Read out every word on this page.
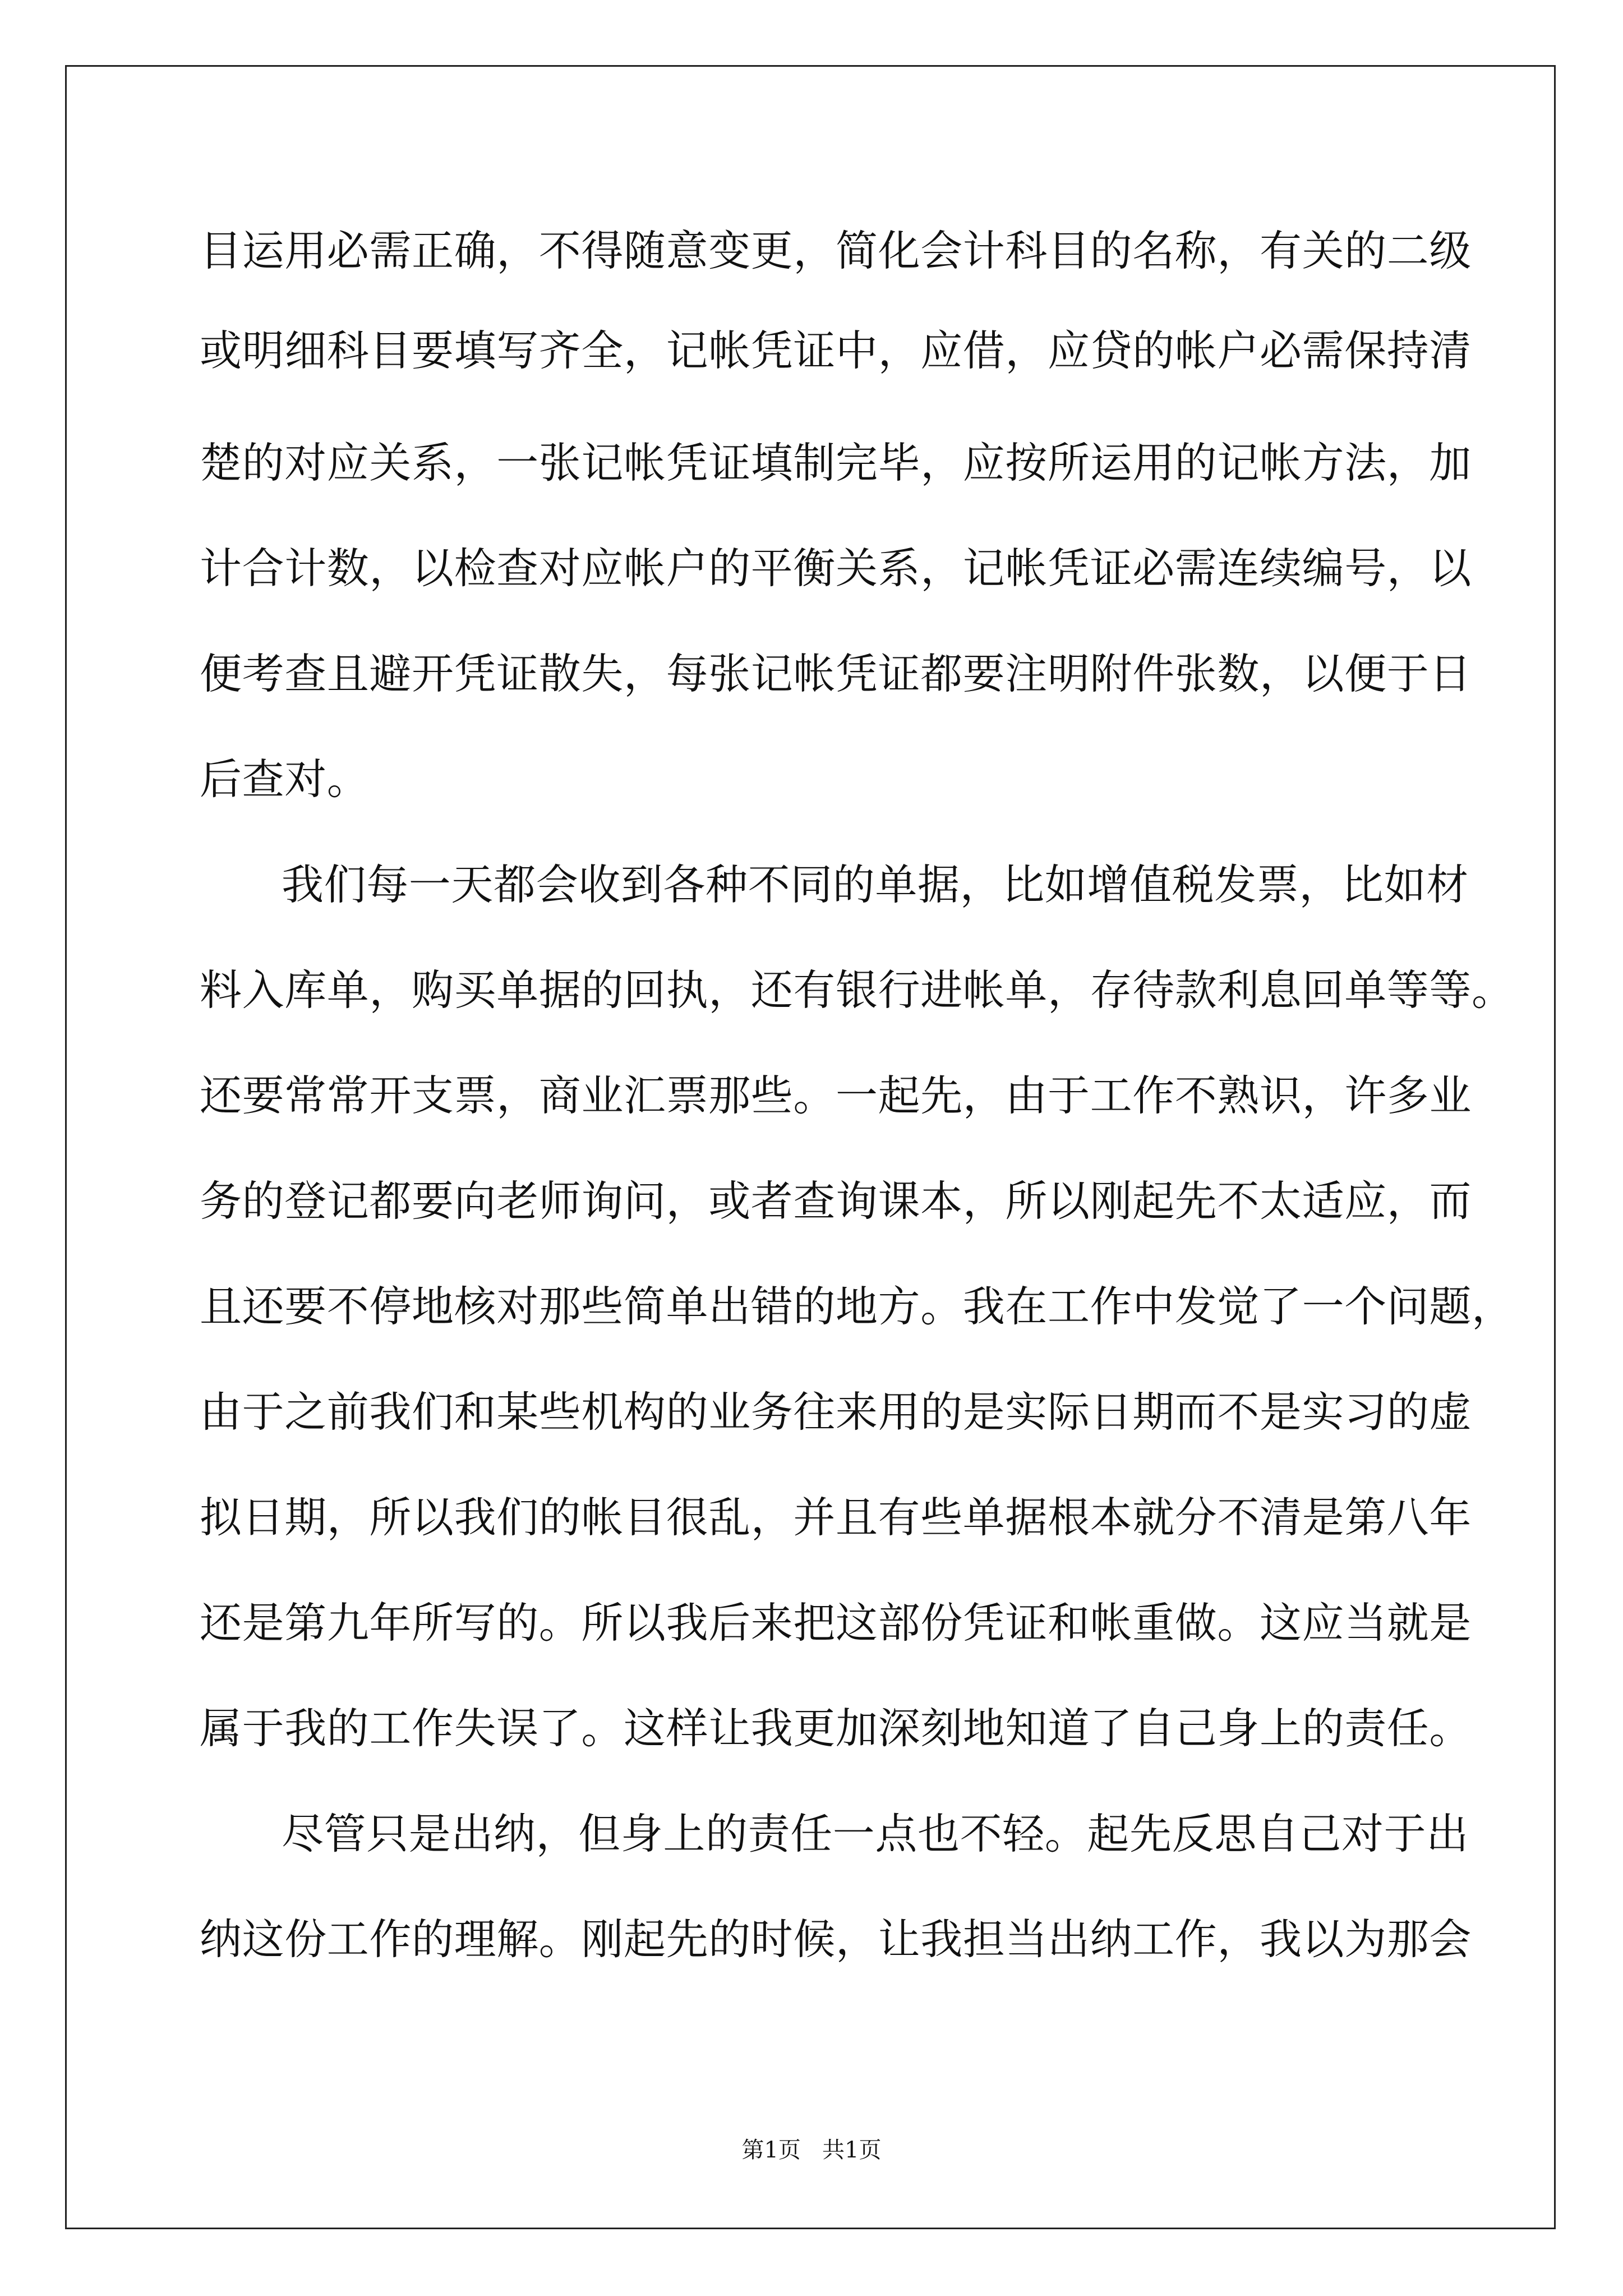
目运用必需正确，不得随意变更，简化会计科目的名称，有关的二级
或明细科目要填写齐全，记帐凭证中，应借，应贷的帐户必需保持清
楚的对应关系，一张记帐凭证填制完毕，应按所运用的记帐方法，加
计合计数，以检查对应帐户的平衡关系，记帐凭证必需连续编号，以
便考查且避开凭证散失，每张记帐凭证都要注明附件张数，以便于日
后查对。
我们每一天都会收到各种不同的单据，比如增值税发票，比如材
料入库单，购买单据的回执，还有银行进帐单，存待款利息回单等等。
还要常常开支票，商业汇票那些。一起先，由于工作不熟识，许多业
务的登记都要向老师询问，或者查询课本，所以刚起先不太适应，而
且还要不停地核对那些简单出错的地方。我在工作中发觉了一个问题，
由于之前我们和某些机构的业务往来用的是实际日期而不是实习的虚
拟日期，所以我们的帐目很乱，并且有些单据根本就分不清是第八年
还是第九年所写的。所以我后来把这部份凭证和帐重做。这应当就是
属于我的工作失误了。这样让我更加深刻地知道了自己身上的责任。
尽管只是出纳，但身上的责任一点也不轻。起先反思自己对于出
纳这份工作的理解。刚起先的时候，让我担当出纳工作，我以为那会
第1页   共1页
